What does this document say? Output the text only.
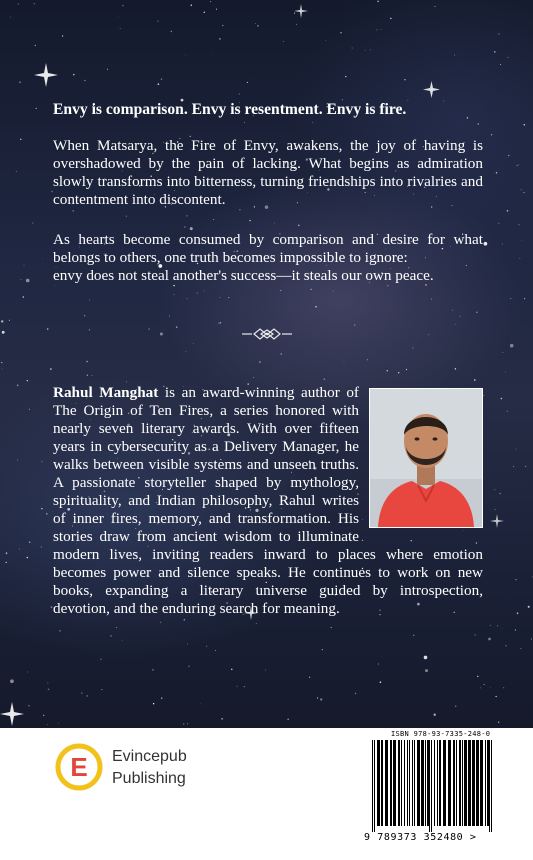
Envy is comparison. Envy is resentment. Envy is fire.
When Matsarya, the Fire of Envy, awakens, the joy of having is overshadowed by the pain of lacking. What begins as admiration slowly transforms into bitterness, turning friendships into rivalries and contentment into discontent.
As hearts become consumed by comparison and desire for what belongs to others, one truth becomes impossible to ignore:
envy does not steal another's success—it steals our own peace.
Rahul Manghat is an award-winning author of The Origin of Ten Fires, a series honored with nearly seven literary awards. With over fifteen years in cybersecurity as a Delivery Manager, he walks between visible systems and unseen truths. A passionate storyteller shaped by mythology, spirituality, and Indian philosophy, Rahul writes of inner fires, memory, and transformation. His stories draw from ancient wisdom to illuminate modern lives, inviting readers inward to places where emotion becomes power and silence speaks. He continues to work on new books, expanding a literary universe guided by introspection, devotion, and the enduring search for meaning.
E Evincepub
Publishing
ISBN 978-93-7335-248-0
9 789373 352480 >
